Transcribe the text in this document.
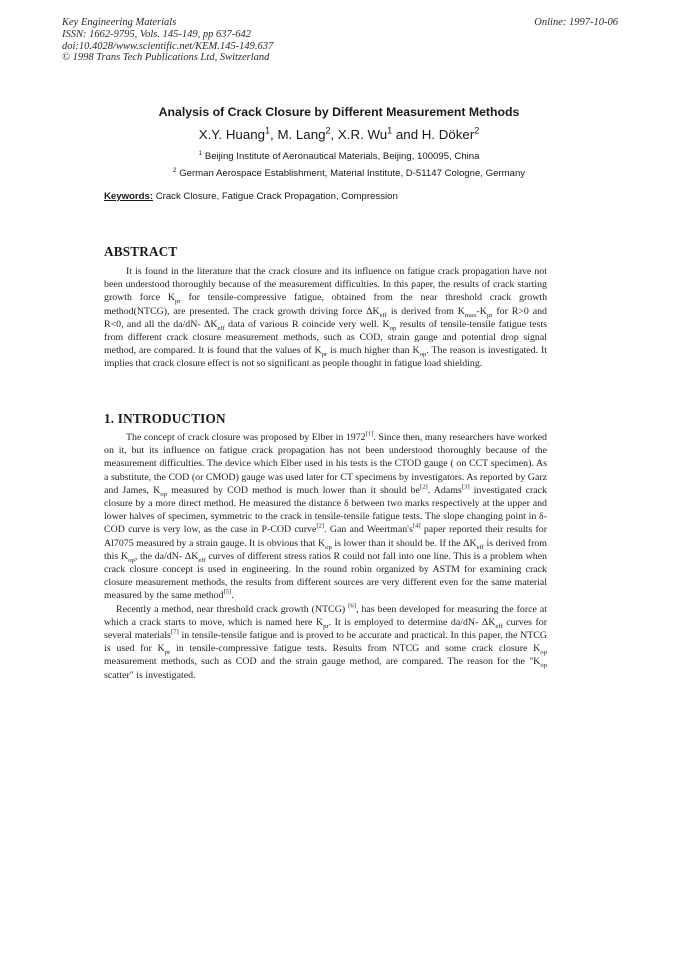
Key Engineering Materials
ISSN: 1662-9795, Vols. 145-149, pp 637-642
doi:10.4028/www.scientific.net/KEM.145-149.637
© 1998 Trans Tech Publications Ltd, Switzerland
Online: 1997-10-06
Analysis of Crack Closure by Different Measurement Methods
X.Y. Huang$^1$, M. Lang$^2$, X.R. Wu$^1$ and H. Döker$^2$
$^1$ Beijing Institute of Aeronautical Materials, Beijing, 100095, China
$^2$ German Aerospace Establishment, Material Institute, D-51147 Cologne, Germany
Keywords: Crack Closure, Fatigue Crack Propagation, Compression
ABSTRACT

It is found in the literature that the crack closure and its influence on fatigue crack propagation have not been understood thoroughly because of the measurement difficulties. In this paper, the results of crack starting growth force $K_{pr}$ for tensile-compressive fatigue, obtained from the near threshold crack growth method(NTCG), are presented. The crack growth driving force $\Delta K_{eff}$ is derived from $K_{max}-K_{pr}$ for R>0 and R<0, and all the da/dN- $\Delta K_{eff}$ data of various R coincide very well. $K_{op}$ results of tensile-tensile fatigue tests from different crack closure measurement methods, such as COD, strain gauge and potential drop signal method, are compared. It is found that the values of $K_{pr}$ is much higher than $K_{op}$. The reason is investigated. It implies that crack closure effect is not so significant as people thought in fatigue load shielding.

1. INTRODUCTION
·

The concept of crack closure was proposed by Elber in 1972[1]. Since then, many researchers have worked on it, but its influence on fatigue crack propagation has not been understood thoroughly because of the measurement difficulties. The device which Elber used in his tests is the CTOD gauge ( on CCT specimen). As a substitute, the COD (or CMOD) gauge was used later for CT specimens by investigators. As reported by Garz and James, $K_{op}$ measured by COD method is much lower than it should be[2]. Adams[3] investigated crack closure by a more direct method. He measured the distance δ between two marks respectively at the upper and lower halves of specimen, symmetric to the crack in tensile-tensile fatigue tests. The slope changing point in δ-COD curve is very low, as the case in P-COD curve[2]. Gan and Weertman's[4] paper reported their results for Al7075 measured by a strain gauge. It is obvious that $K_{op}$ is lower than it should be. If the $\Delta K_{eff}$ is derived from this $K_{op}$, the da/dN- $\Delta K_{eff}$ curves of different stress ratios R could not fall into one line. This is a problem when crack closure concept is used in engineering. In the round robin organized by ASTM for examining crack closure measurement methods, the results from different sources are very different even for the same material measured by the same method[5].

Recently a method, near threshold crack growth (NTCG) [6], has been developed for measuring the force at which a crack starts to move, which is named here $K_{pr}$. It is employed to determine da/dN- $\Delta K_{eff}$ curves for several materials[7] in tensile-tensile fatigue and is proved to be accurate and practical. In this paper, the NTCG is used for $K_{pr}$ in tensile-compressive fatigue tests. Results from NTCG and some crack closure $K_{op}$ measurement methods, such as COD and the strain gauge method, are compared. The reason for the "$K_{op}$ scatter" is investigated.
